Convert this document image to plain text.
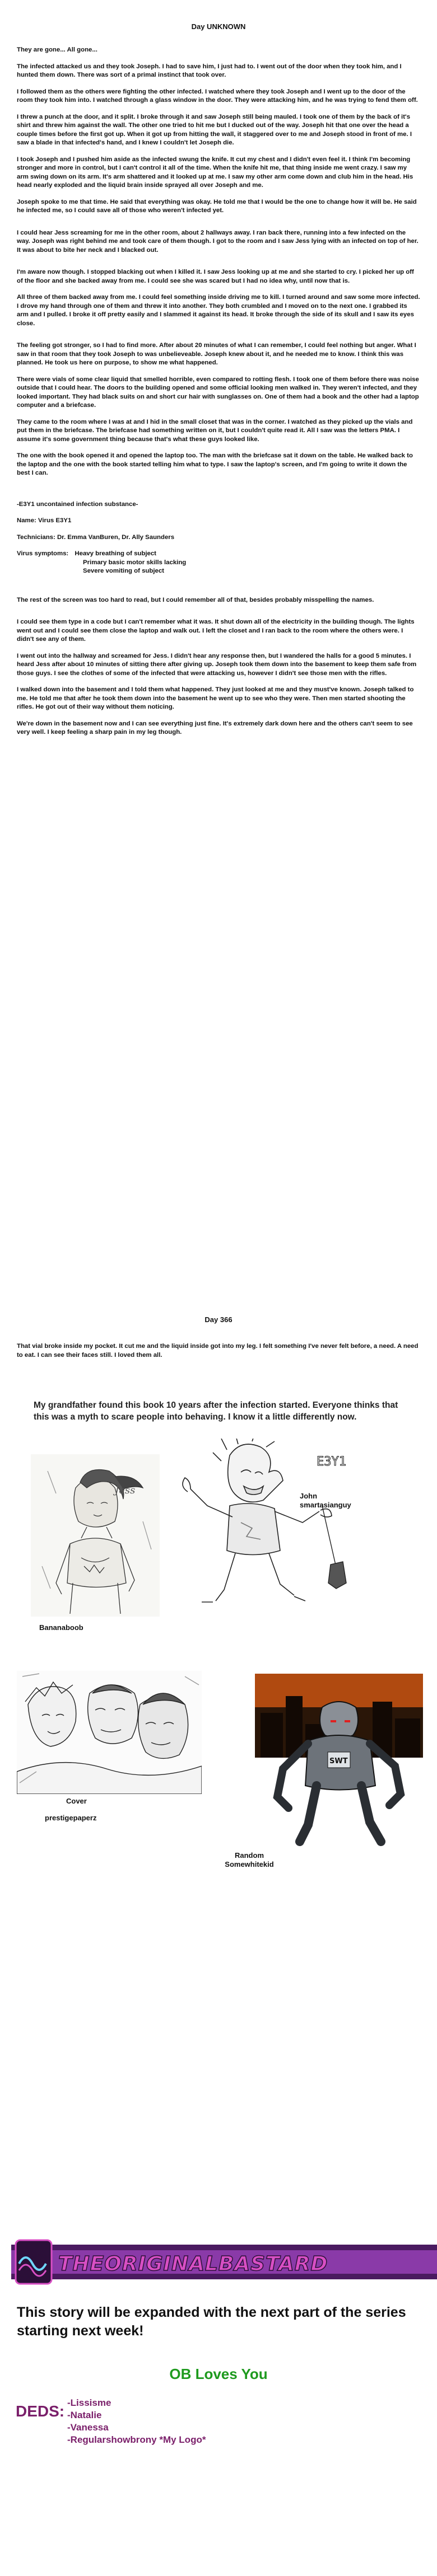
Day UNKNOWN

They are gone... All gone...

The infected attacked us and they took Joseph. I had to save him, I just had to. I went out of the door when they took him, and I hunted them down. There was sort of a primal instinct that took over.

I followed them as the others were fighting the other infected. I watched where they took Joseph and I went up to the door of the room they took him into. I watched through a glass window in the door. They were attacking him, and he was trying to fend them off.

I threw a punch at the door, and it split. I broke through it and saw Joseph still being mauled. I took one of them by the back of it's shirt and threw him against the wall. The other one tried to hit me but I ducked out of the way. Joseph hit that one over the head a couple times before the first got up. When it got up from hitting the wall, it staggered over to me and Joseph stood in front of me. I saw a blade in that infected's hand, and I knew I couldn't let Joseph die.

I took Joseph and I pushed him aside as the infected swung the knife. It cut my chest and I didn't even feel it. I think I'm becoming stronger and more in control, but I can't control it all of the time. When the knife hit me, that thing inside me went crazy. I saw my arm swing down on its arm. It's arm shattered and it looked up at me. I saw my other arm come down and club him in the head. His head nearly exploded and the liquid brain inside sprayed all over Joseph and me.

Joseph spoke to me that time. He said that everything was okay. He told me that I would be the one to change how it will be. He said he infected me, so I could save all of those who weren't infected yet.

I could hear Jess screaming for me in the other room, about 2 hallways away. I ran back there, running into a few infected on the way. Joseph was right behind me and took care of them though. I got to the room and I saw Jess lying with an infected on top of her. It was about to bite her neck and I blacked out.

I'm aware now though. I stopped blacking out when I killed it. I saw Jess looking up at me and she started to cry. I picked her up off of the floor and she backed away from me. I could see she was scared but I had no idea why, until now that is.

All three of them backed away from me. I could feel something inside driving me to kill. I turned around and saw some more infected. I drove my hand through one of them and threw it into another. They both crumbled and I moved on to the next one. I grabbed its arm and I pulled. I broke it off pretty easily and I slammed it against its head. It broke through the side of its skull and I saw its eyes close.

The feeling got stronger, so I had to find more. After about 20 minutes of what I can remember, I could feel nothing but anger. What I saw in that room that they took Joseph to was unbelieveable. Joseph knew about it, and he needed me to know. I think this was planned. He took us here on purpose, to show me what happened.

There were vials of some clear liquid that smelled horrible, even compared to rotting flesh. I took one of them before there was noise outside that I could hear. The doors to the building opened and some official looking men walked in. They weren't infected, and they looked important. They had black suits on and short cur hair with sunglasses on. One of them had a book and the other had a laptop computer and a briefcase.

They came to the room where I was at and I hid in the small closet that was in the corner. I watched as they picked up the vials and put them in the briefcase. The briefcase had something written on it, but I couldn't quite read it. All I saw was the letters PMA. I assume it's some government thing because that's what these guys looked like.

The one with the book opened it and opened the laptop too. The man with the briefcase sat it down on the table. He walked back to the laptop and the one with the book started telling him what to type. I saw the laptop's screen, and I'm going to write it down the best I can.

-E3Y1 uncontained infection substance-

Name: Virus E3Y1

Technicians: Dr. Emma VanBuren, Dr. Ally Saunders

Virus symptoms: Heavy breathing of subject
Primary basic motor skills lacking
Severe vomiting of subject

The rest of the screen was too hard to read, but I could remember all of that, besides probably misspelling the names.

I could see them type in a code but I can't remember what it was. It shut down all of the electricity in the building though. The lights went out and I could see them close the laptop and walk out. I left the closet and I ran back to the room where the others were. I didn't see any of them.

I went out into the hallway and screamed for Jess. I didn't hear any response then, but I wandered the halls for a good 5 minutes. I heard Jess after about 10 minutes of sitting there after giving up. Joseph took them down into the basement to keep them safe from those guys. I see the clothes of some of the infected that were attacking us, however I didn't see those men with the rifles.

I walked down into the basement and I told them what happened. They just looked at me and they must've known. Joseph talked to me. He told me that after he took them down into the basement he went up to see who they were. Then men started shooting the rifles. He got out of their way without them noticing.

We're down in the basement now and I can see everything just fine. It's extremely dark down here and the others can't seem to see very well. I keep feeling a sharp pain in my leg though.

Day 366

That vial broke inside my pocket. It cut me and the liquid inside got into my leg. I felt something I've never felt before, a need. A need to eat. I can see their faces still. I loved them all.

My grandfather found this book 10 years after the infection started. Everyone thinks that this was a myth to scare people into behaving. I know it a little differently now.
Jess
Bananaboob
E3Y1
John
smartasianguy
Cover
prestigepaperz
SWT
Random
Somewhitekid
THEORIGINALBASTARD
This story will be expanded with the next part of the series starting next week!
OB Loves You
DEDS: -Lissisme
-Natalie
-Vanessa
-Regularshowbrony *My Logo*
